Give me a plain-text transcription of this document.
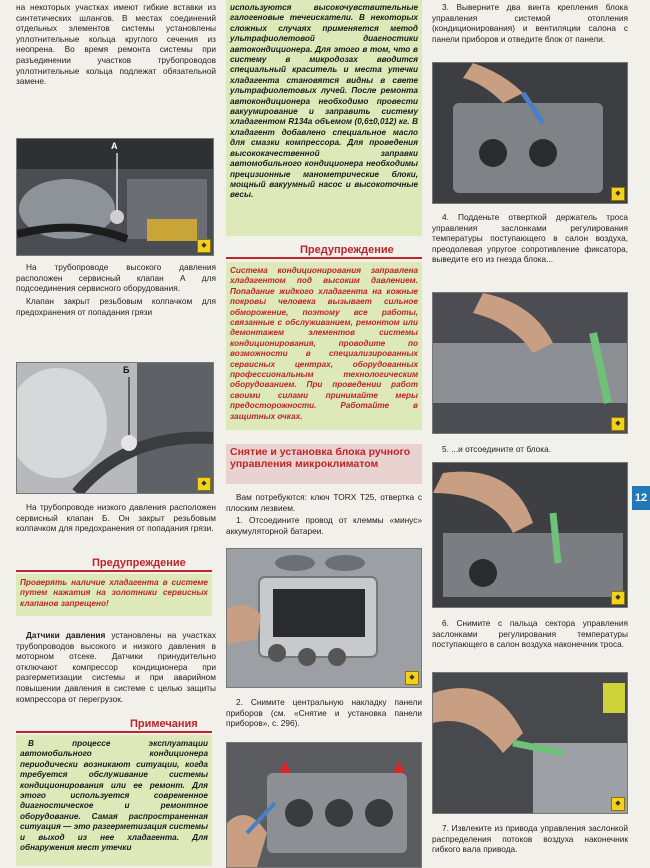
на некоторых участках имеют гибкие вставки из синтетических шлангов. В местах соединений отдельных элементов системы установлены уплотнительные кольца круглого сечения из неопрена. Во время ремонта системы при разъединении участков трубопроводов уплотнительные кольца подлежат обязательной замене.

А
◆

На трубопроводе высокого давления расположен сервисный клапан А для подсоединения сервисного оборудования.

Клапан закрыт резьбовым колпачком для предохранения от попадания грязи

Б
◆

На трубопроводе низкого давления расположен сервисный клапан Б. Он закрыт резьбовым колпачком для предохранения от попадания грязи.

Предупреждение

Проверять наличие хладагента в системе путем нажатия на золотники сервисных клапанов запрещено!

Датчики давления установлены на участках трубопроводов высокого и низкого давления в моторном отсеке. Датчики принудительно отключают компрессор кондиционера при разгерметизации системы и при аварийном повышении давления в системе с целью защиты компрессора от перегрузок.

Примечания

В процессе эксплуатации автомобильного кондиционера периодически возникают ситуации, когда требуется обслуживание системы кондиционирования или ее ремонт. Для этого используется современное диагностическое и ремонтное оборудование. Самая распространенная ситуация — это разгерметизация системы и выход из нее хладагента. Для обнаружения мест утечки

используются высокочувствительные галогеновые течеискатели. В некоторых сложных случаях применяется метод ультрафиолетовой диагностики автокондиционера. Для этого в том, что в систему в микродозах вводится специальный краситель и места утечки хладагента становятся видны в свете ультрафиолетовых лучей. После ремонта автокондиционера необходимо провести вакуумирование и заправить систему хладагентом R134a объемом (0,6±0,012) кг. В хладагент добавлено специальное масло для смазки компрессора. Для проведения высококачественной заправки автомобильного кондиционера необходимы прецизионные манометрические блоки, мощный вакуумный насос и высокоточные весы.

Предупреждение

Система кондиционирования заправлена хладагентом под высоким давлением. Попадание жидкого хладагента на кожные покровы человека вызывает сильное обморожение, поэтому все работы, связанные с обслуживанием, ремонтом или демонтажем элементов системы кондиционирования, проводите по возможности в специализированных сервисных центрах, оборудованных профессиональным технологическим оборудованием. При проведении работ своими силами принимайте меры предосторожности. Работайте в защитных очках.

Снятие и установка блока ручного управления микроклиматом

Вам потребуются: ключ TORX T25, отвертка с плоским лезвием.

1. Отсоедините провод от клеммы «минус» аккумуляторной батареи.

◆

2. Снимите центральную накладку панели приборов (см. «Снятие и установка панели приборов», с. 296).

3. Выверните два винта крепления блока управления системой отопления (кондиционирования) и вентиляции салона с панели приборов и отведите блок от панели.

◆

4. Подденьте отверткой держатель троса управления заслонками регулирования температуры поступающего в салон воздуха, преодолевая упругое сопротивление фиксатора, выведите его из гнезда блока...

◆

5. ...и отсоедините от блока.

◆

6. Снимите с пальца сектора управления заслонками регулирования температуры поступающего в салон воздуха наконечник троса.

◆

7. Извлеките из привода управления заслонкой распределения потоков воздуха наконечник гибкого вала привода.

12
